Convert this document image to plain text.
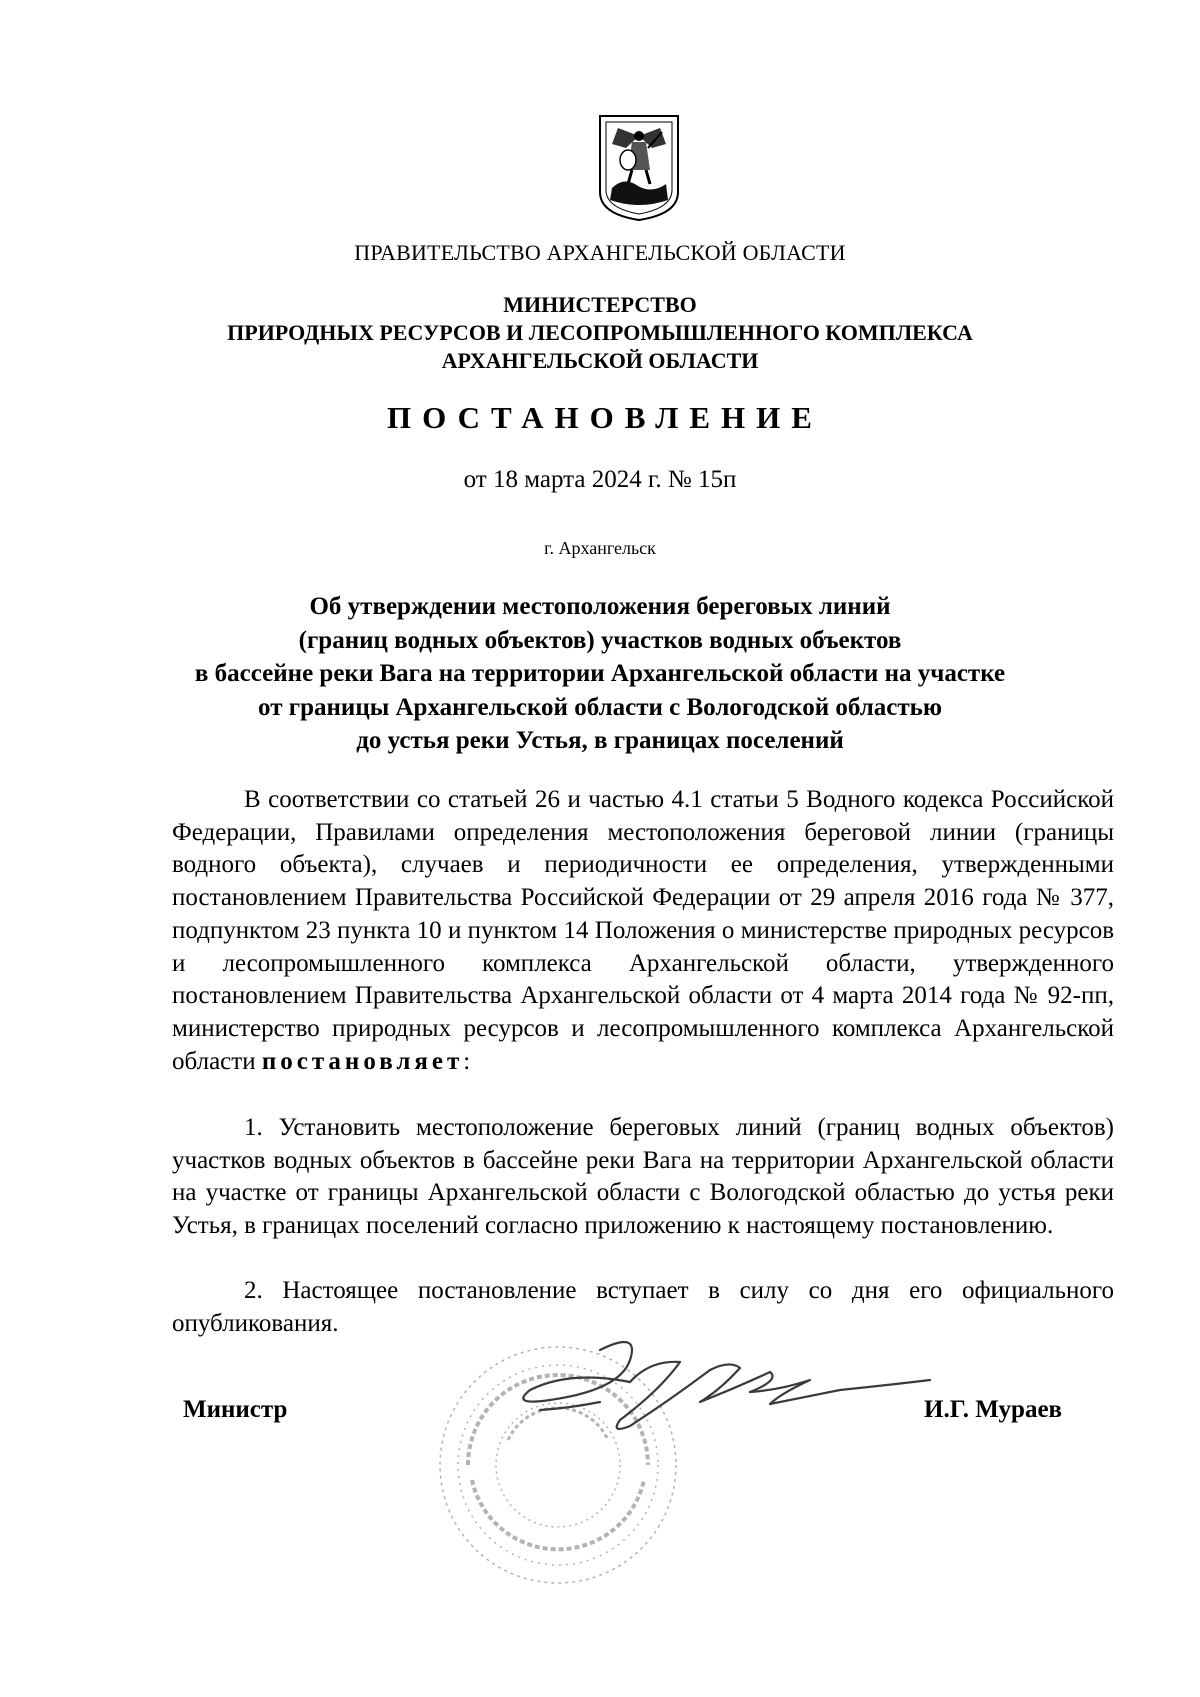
ПРАВИТЕЛЬСТВО АРХАНГЕЛЬСКОЙ ОБЛАСТИ
МИНИСТЕРСТВО
ПРИРОДНЫХ РЕСУРСОВ И ЛЕСОПРОМЫШЛЕННОГО КОМПЛЕКСА
АРХАНГЕЛЬСКОЙ ОБЛАСТИ
ПОСТАНОВЛЕНИЕ
от 18 марта 2024 г. № 15п
г. Архангельск
Об утверждении местоположения береговых линий
(границ водных объектов) участков водных объектов
в бассейне реки Вага на территории Архангельской области на участке
от границы Архангельской области с Вологодской областью
до устья реки Устья, в границах поселений

В соответствии со статьей 26 и частью 4.1 статьи 5 Водного кодекса Российской Федерации, Правилами определения местоположения береговой линии (границы водного объекта), случаев и периодичности ее определения, утвержденными постановлением Правительства Российской Федерации от 29 апреля 2016 года № 377, подпунктом 23 пункта 10 и пунктом 14 Положения о министерстве природных ресурсов и лесопромышленного комплекса Архангельской области, утвержденного постановлением Правительства Архангельской области от 4 марта 2014 года № 92-пп, министерство природных ресурсов и лесопромышленного комплекса Архангельской области постановляет:

1. Установить местоположение береговых линий (границ водных объектов) участков водных объектов в бассейне реки Вага на территории Архангельской области на участке от границы Архангельской области с Вологодской областью до устья реки Устья, в границах поселений согласно приложению к настоящему постановлению.

2. Настоящее постановление вступает в силу со дня его официального опубликования.

Министр	И.Г. Мураев
